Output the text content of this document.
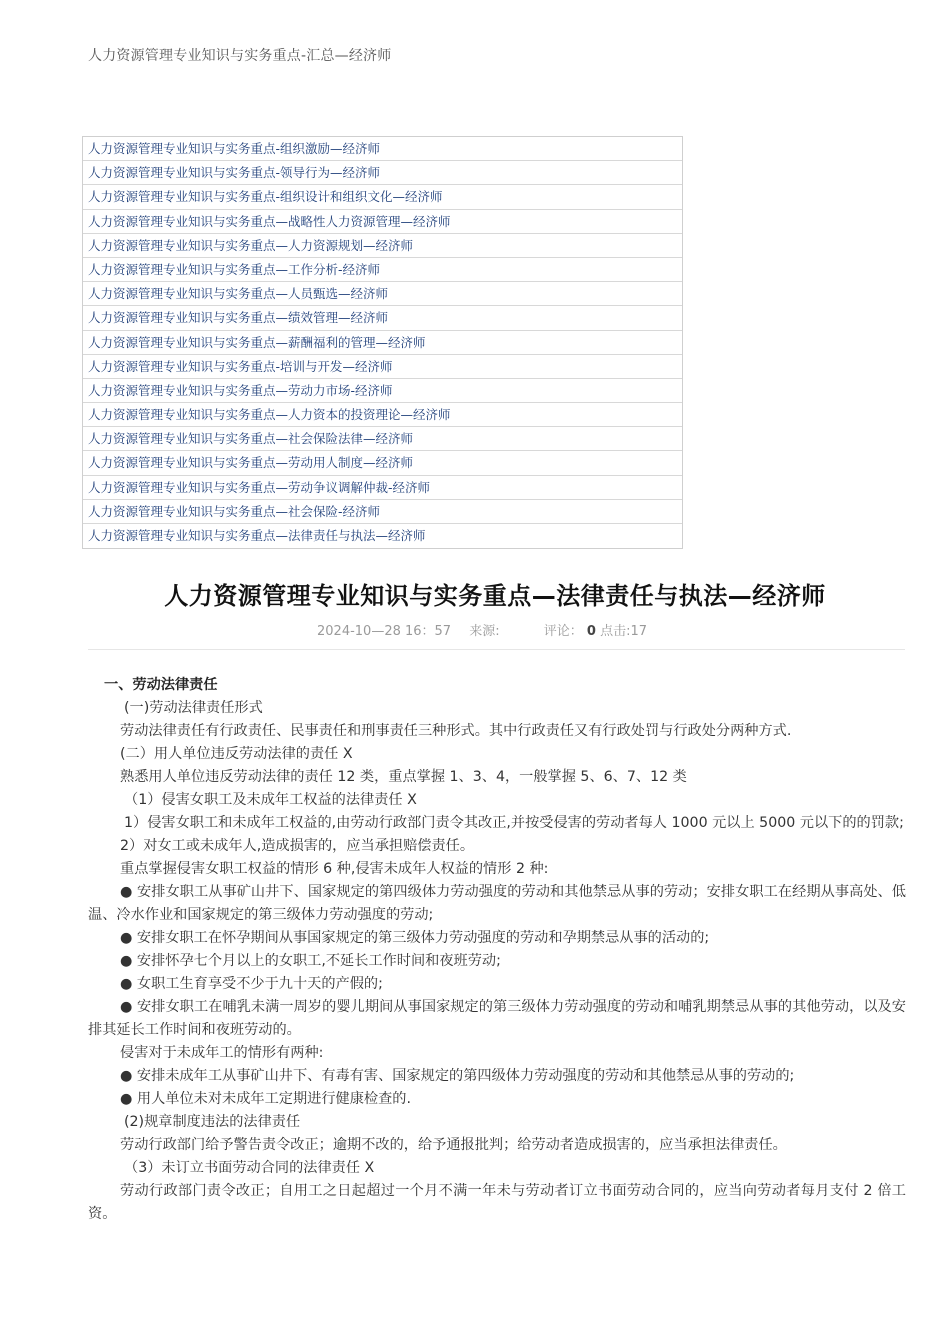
人力资源管理专业知识与实务重点-汇总—经济师
人力资源管理专业知识与实务重点-组织激励—经济师
人力资源管理专业知识与实务重点-领导行为—经济师
人力资源管理专业知识与实务重点-组织设计和组织文化—经济师
人力资源管理专业知识与实务重点—战略性人力资源管理—经济师
人力资源管理专业知识与实务重点—人力资源规划—经济师
人力资源管理专业知识与实务重点—工作分析-经济师
人力资源管理专业知识与实务重点—人员甄选—经济师
人力资源管理专业知识与实务重点—绩效管理—经济师
人力资源管理专业知识与实务重点—薪酬福利的管理—经济师
人力资源管理专业知识与实务重点-培训与开发—经济师
人力资源管理专业知识与实务重点—劳动力市场-经济师
人力资源管理专业知识与实务重点—人力资本的投资理论—经济师
人力资源管理专业知识与实务重点—社会保险法律—经济师
人力资源管理专业知识与实务重点—劳动用人制度—经济师
人力资源管理专业知识与实务重点—劳动争议调解仲裁-经济师
人力资源管理专业知识与实务重点—社会保险-经济师
人力资源管理专业知识与实务重点—法律责任与执法—经济师
人力资源管理专业知识与实务重点—法律责任与执法—经济师
2024-10—28 16：57 来源:	评论： 0 点击:17

一、劳动法律责任

(一)劳动法律责任形式

劳动法律责任有行政责任、民事责任和刑事责任三种形式。其中行政责任又有行政处罚与行政处分两种方式.

(二）用人单位违反劳动法律的责任 X

熟悉用人单位违反劳动法律的责任 12 类，重点掌握 1、3、4，一般掌握 5、6、7、12 类

（1）侵害女职工及未成年工权益的法律责任 X

1）侵害女职工和未成年工权益的,由劳动行政部门责令其改正,并按受侵害的劳动者每人 1000 元以上 5000 元以下的的罚款;

2）对女工或未成年人,造成损害的，应当承担赔偿责任。

重点掌握侵害女职工权益的情形 6 种,侵害未成年人权益的情形 2 种:

● 安排女职工从事矿山井下、国家规定的第四级体力劳动强度的劳动和其他禁忌从事的劳动；安排女职工在经期从事高处、低温、冷水作业和国家规定的第三级体力劳动强度的劳动;

● 安排女职工在怀孕期间从事国家规定的第三级体力劳动强度的劳动和孕期禁忌从事的活动的;

● 安排怀孕七个月以上的女职工,不延长工作时间和夜班劳动;

● 女职工生育享受不少于九十天的产假的;

● 安排女职工在哺乳未满一周岁的婴儿期间从事国家规定的第三级体力劳动强度的劳动和哺乳期禁忌从事的其他劳动，以及安排其延长工作时间和夜班劳动的。

侵害对于未成年工的情形有两种:

● 安排未成年工从事矿山井下、有毒有害、国家规定的第四级体力劳动强度的劳动和其他禁忌从事的劳动的;

● 用人单位未对未成年工定期进行健康检查的.

(2)规章制度违法的法律责任

劳动行政部门给予警告责令改正；逾期不改的，给予通报批判；给劳动者造成损害的，应当承担法律责任。

（3）未订立书面劳动合同的法律责任 X

劳动行政部门责令改正；自用工之日起超过一个月不满一年未与劳动者订立书面劳动合同的，应当向劳动者每月支付 2 倍工资。
